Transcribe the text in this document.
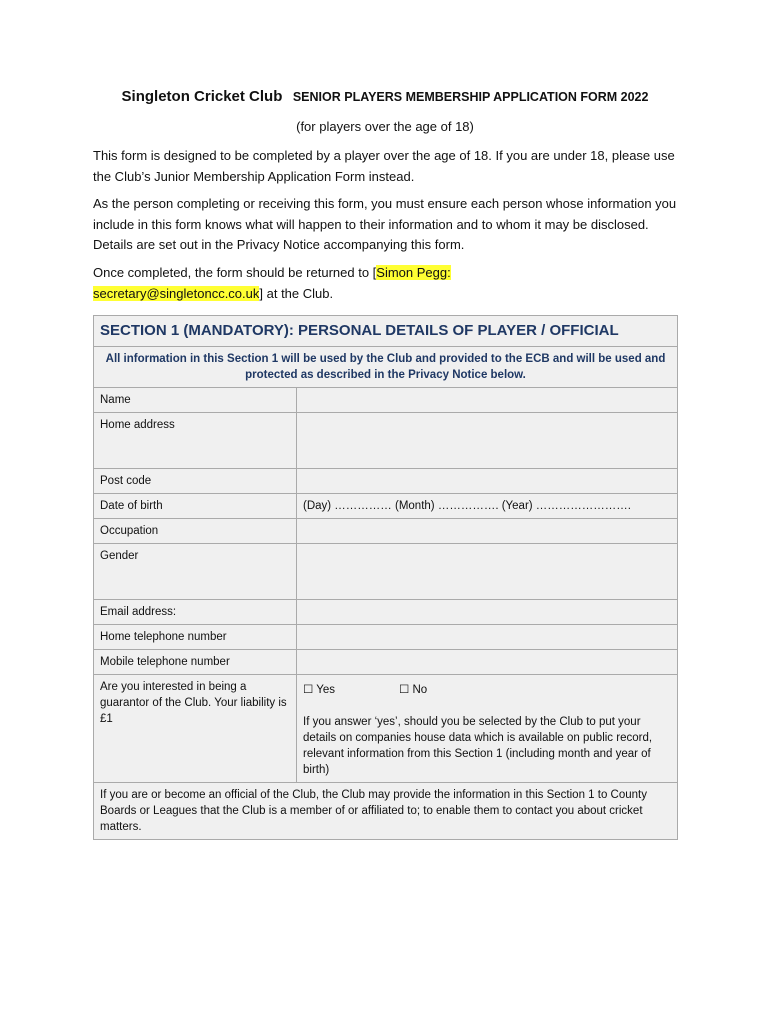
Singleton Cricket Club SENIOR PLAYERS MEMBERSHIP APPLICATION FORM 2022
(for players over the age of 18)

This form is designed to be completed by a player over the age of 18. If you are under 18, please use the Club’s Junior Membership Application Form instead.

As the person completing or receiving this form, you must ensure each person whose information you include in this form knows what will happen to their information and to whom it may be disclosed. Details are set out in the Privacy Notice accompanying this form.

Once completed, the form should be returned to [Simon Pegg:
secretary@singletoncc.co.uk] at the Club.

SECTION 1 (MANDATORY): PERSONAL DETAILS OF PLAYER / OFFICIAL	
All information in this Section 1 will be used by the Club and provided to the ECB and will be used and protected as described in the Privacy Notice below.	
Name	
Home address	
Post code	
Date of birth	(Day) …………… (Month) ……………. (Year) …………………….
Occupation	
Gender	
Email address:	
Home telephone number	
Mobile telephone number	
Are you interested in being a guarantor of the Club. Your liability is £1	☐ Yes ☐ No
If you answer ‘yes’, should you be selected by the Club to put your details on companies house data which is available on public record, relevant information from this Section 1 (including month and year of birth)

If you are or become an official of the Club, the Club may provide the information in this Section 1 to County Boards or Leagues that the Club is a member of or affiliated to; to enable them to contact you about cricket matters.	
